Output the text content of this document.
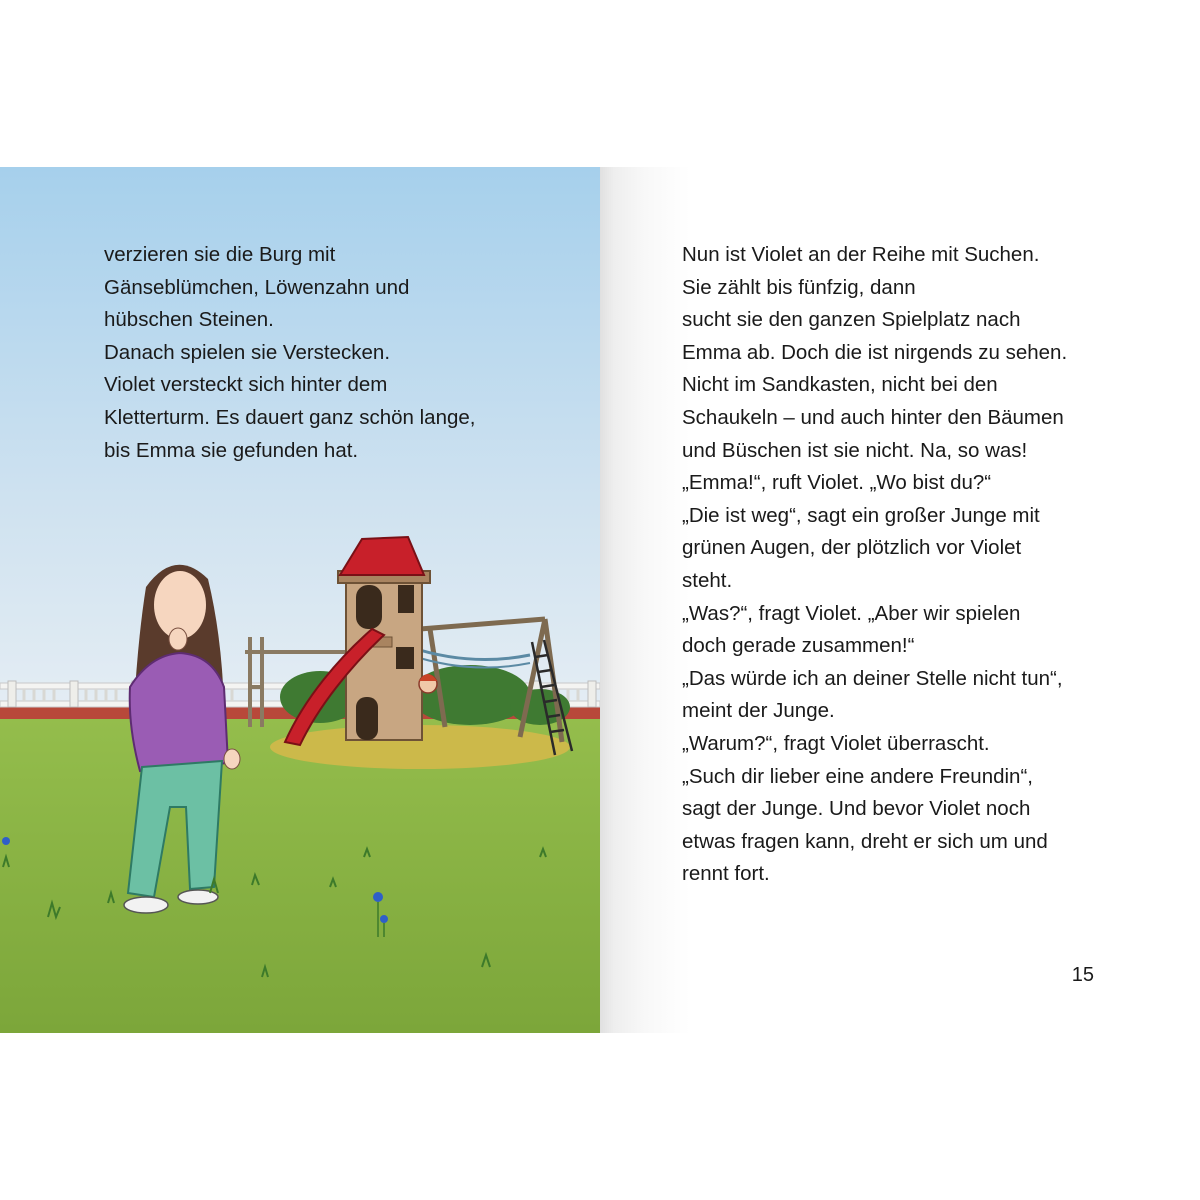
verzieren sie die Burg mit

Gänseblümchen, Löwenzahn und

hübschen Steinen.

Danach spielen sie Verstecken.

Violet versteckt sich hinter dem

Kletterturm. Es dauert ganz schön lange,

bis Emma sie gefunden hat.

Nun ist Violet an der Reihe mit Suchen.

Sie zählt bis fünfzig, dann

sucht sie den ganzen Spielplatz nach

Emma ab. Doch die ist nirgends zu sehen.

Nicht im Sandkasten, nicht bei den

Schaukeln – und auch hinter den Bäumen

und Büschen ist sie nicht. Na, so was!

„Emma!“, ruft Violet. „Wo bist du?“

„Die ist weg“, sagt ein großer Junge mit

grünen Augen, der plötzlich vor Violet

steht.

„Was?“, fragt Violet. „Aber wir spielen

doch gerade zusammen!“

„Das würde ich an deiner Stelle nicht tun“,

meint der Junge.

„Warum?“, fragt Violet überrascht.

„Such dir lieber eine andere Freundin“,

sagt der Junge. Und bevor Violet noch

etwas fragen kann, dreht er sich um und

rennt fort.

15
